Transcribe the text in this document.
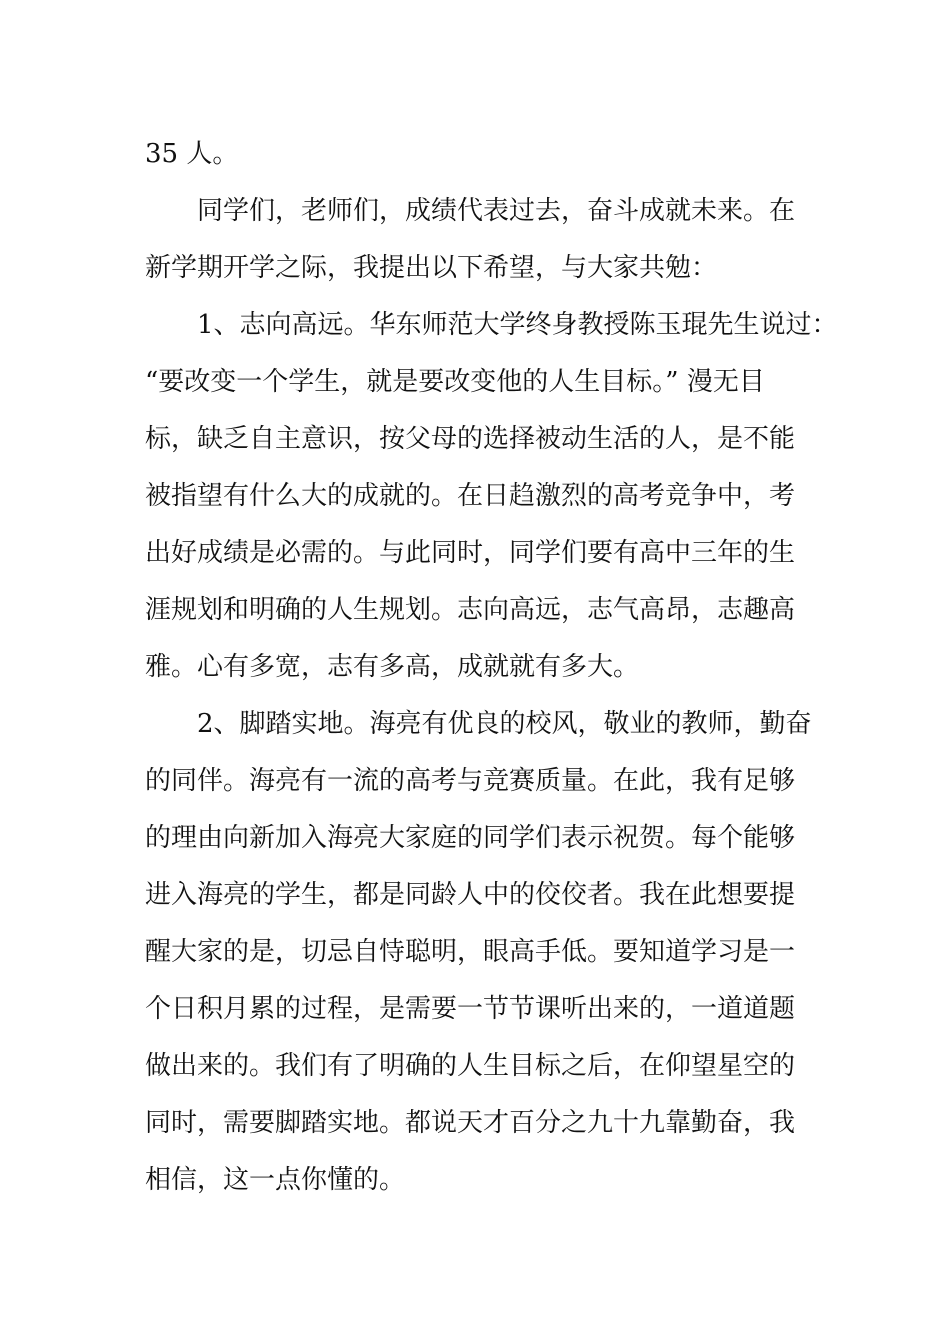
35 人。
同学们，老师们，成绩代表过去，奋斗成就未来。在
新学期开学之际，我提出以下希望，与大家共勉：
1、志向高远。华东师范大学终身教授陈玉琨先生说过：
“要改变一个学生，就是要改变他的人生目标。” 漫无目
标，缺乏自主意识，按父母的选择被动生活的人，是不能
被指望有什么大的成就的。在日趋激烈的高考竞争中，考
出好成绩是必需的。与此同时，同学们要有高中三年的生
涯规划和明确的人生规划。志向高远，志气高昂，志趣高
雅。心有多宽，志有多高，成就就有多大。
2、脚踏实地。海亮有优良的校风，敬业的教师，勤奋
的同伴。海亮有一流的高考与竞赛质量。在此，我有足够
的理由向新加入海亮大家庭的同学们表示祝贺。每个能够
进入海亮的学生，都是同龄人中的佼佼者。我在此想要提
醒大家的是，切忌自恃聪明，眼高手低。要知道学习是一
个日积月累的过程，是需要一节节课听出来的，一道道题
做出来的。我们有了明确的人生目标之后，在仰望星空的
同时，需要脚踏实地。都说天才百分之九十九靠勤奋，我
相信，这一点你懂的。
